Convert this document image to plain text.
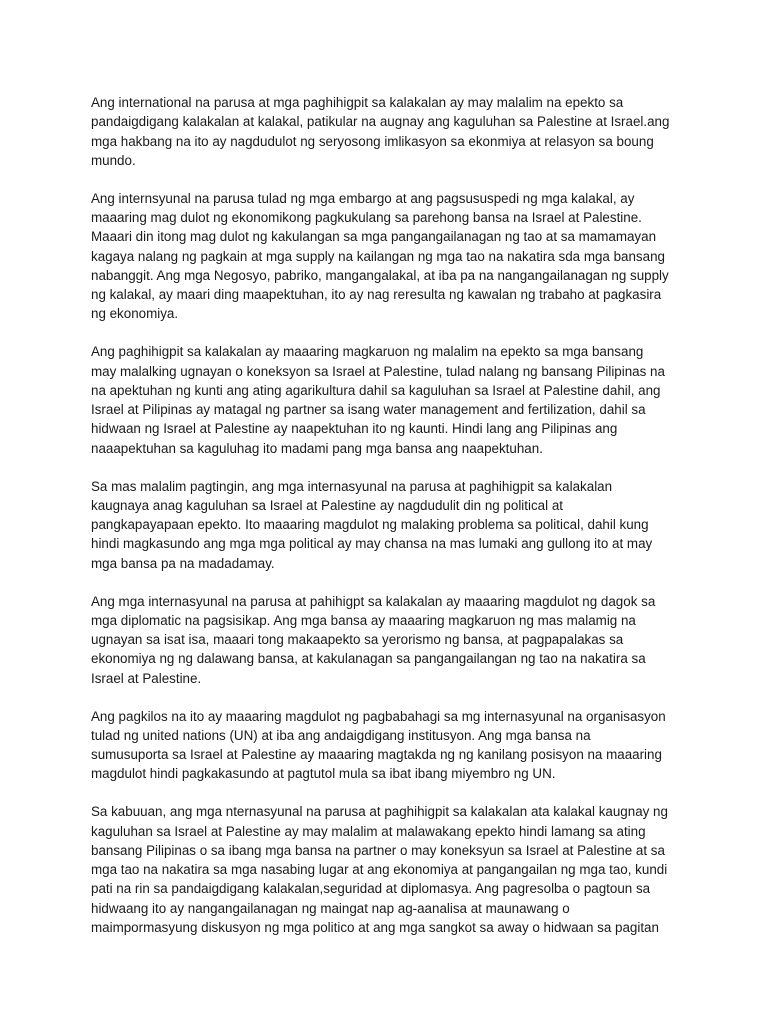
Ang international na parusa at mga paghihigpit sa kalakalan ay may malalim na epekto sa
pandaigdigang kalakalan at kalakal, patikular na augnay ang kaguluhan sa Palestine at Israel.ang
mga hakbang na ito ay nagdudulot ng seryosong imlikasyon sa ekonmiya at relasyon sa boung
mundo.

Ang internsyunal na parusa tulad ng mga embargo at ang pagsususpedi ng mga kalakal, ay
maaaring mag dulot ng ekonomikong pagkukulang sa parehong bansa na Israel at Palestine.
Maaari din itong mag dulot ng kakulangan sa mga pangangailanagan ng tao at sa mamamayan
kagaya nalang ng pagkain at mga supply na kailangan ng mga tao na nakatira sda mga bansang
nabanggit. Ang mga Negosyo, pabriko, mangangalakal, at iba pa na nangangailanagan ng supply
ng kalakal, ay maari ding maapektuhan, ito ay nag reresulta ng kawalan ng trabaho at pagkasira
ng ekonomiya.

Ang paghihigpit sa kalakalan ay maaaring magkaruon ng malalim na epekto sa mga bansang
may malalking ugnayan o koneksyon sa Israel at Palestine, tulad nalang ng bansang Pilipinas na
na apektuhan ng kunti ang ating agarikultura dahil sa kaguluhan sa Israel at Palestine dahil, ang
Israel at Pilipinas ay matagal ng partner sa isang water management and fertilization, dahil sa
hidwaan ng Israel at Palestine ay naapektuhan ito ng kaunti. Hindi lang ang Pilipinas ang
naaapektuhan sa kaguluhag ito madami pang mga bansa ang naapektuhan.

Sa mas malalim pagtingin, ang mga internasyunal na parusa at paghihigpit sa kalakalan
kaugnaya anag kaguluhan sa Israel at Palestine ay nagdudulit din ng political at
pangkapayapaan epekto. Ito maaaring magdulot ng malaking problema sa political, dahil kung
hindi magkasundo ang mga mga political ay may chansa na mas lumaki ang gullong ito at may
mga bansa pa na madadamay.

Ang mga internasyunal na parusa at pahihigpt sa kalakalan ay maaaring magdulot ng dagok sa
mga diplomatic na pagsisikap. Ang mga bansa ay maaaring magkaruon ng mas malamig na
ugnayan sa isat isa, maaari tong makaapekto sa yerorismo ng bansa, at pagpapalakas sa
ekonomiya ng ng dalawang bansa, at kakulanagan sa pangangailangan ng tao na nakatira sa
Israel at Palestine.

Ang pagkilos na ito ay maaaring magdulot ng pagbabahagi sa mg internasyunal na organisasyon
tulad ng united nations (UN) at iba ang andaigdigang institusyon. Ang mga bansa na
sumusuporta sa Israel at Palestine ay maaaring magtakda ng ng kanilang posisyon na maaaring
magdulot hindi pagkakasundo at pagtutol mula sa ibat ibang miyembro ng UN.

Sa kabuuan, ang mga nternasyunal na parusa at paghihigpit sa kalakalan ata kalakal kaugnay ng
kaguluhan sa Israel at Palestine ay may malalim at malawakang epekto hindi lamang sa ating
bansang Pilipinas o sa ibang mga bansa na partner o may koneksyun sa Israel at Palestine at sa
mga tao na nakatira sa mga nasabing lugar at ang ekonomiya at pangangailan ng mga tao, kundi
pati na rin sa pandaigdigang kalakalan,seguridad at diplomasya. Ang pagresolba o pagtoun sa
hidwaang ito ay nangangailanagan ng maingat nap ag-aanalisa at maunawang o
maimpormasyung diskusyon ng mga politico at ang mga sangkot sa away o hidwaan sa pagitan
